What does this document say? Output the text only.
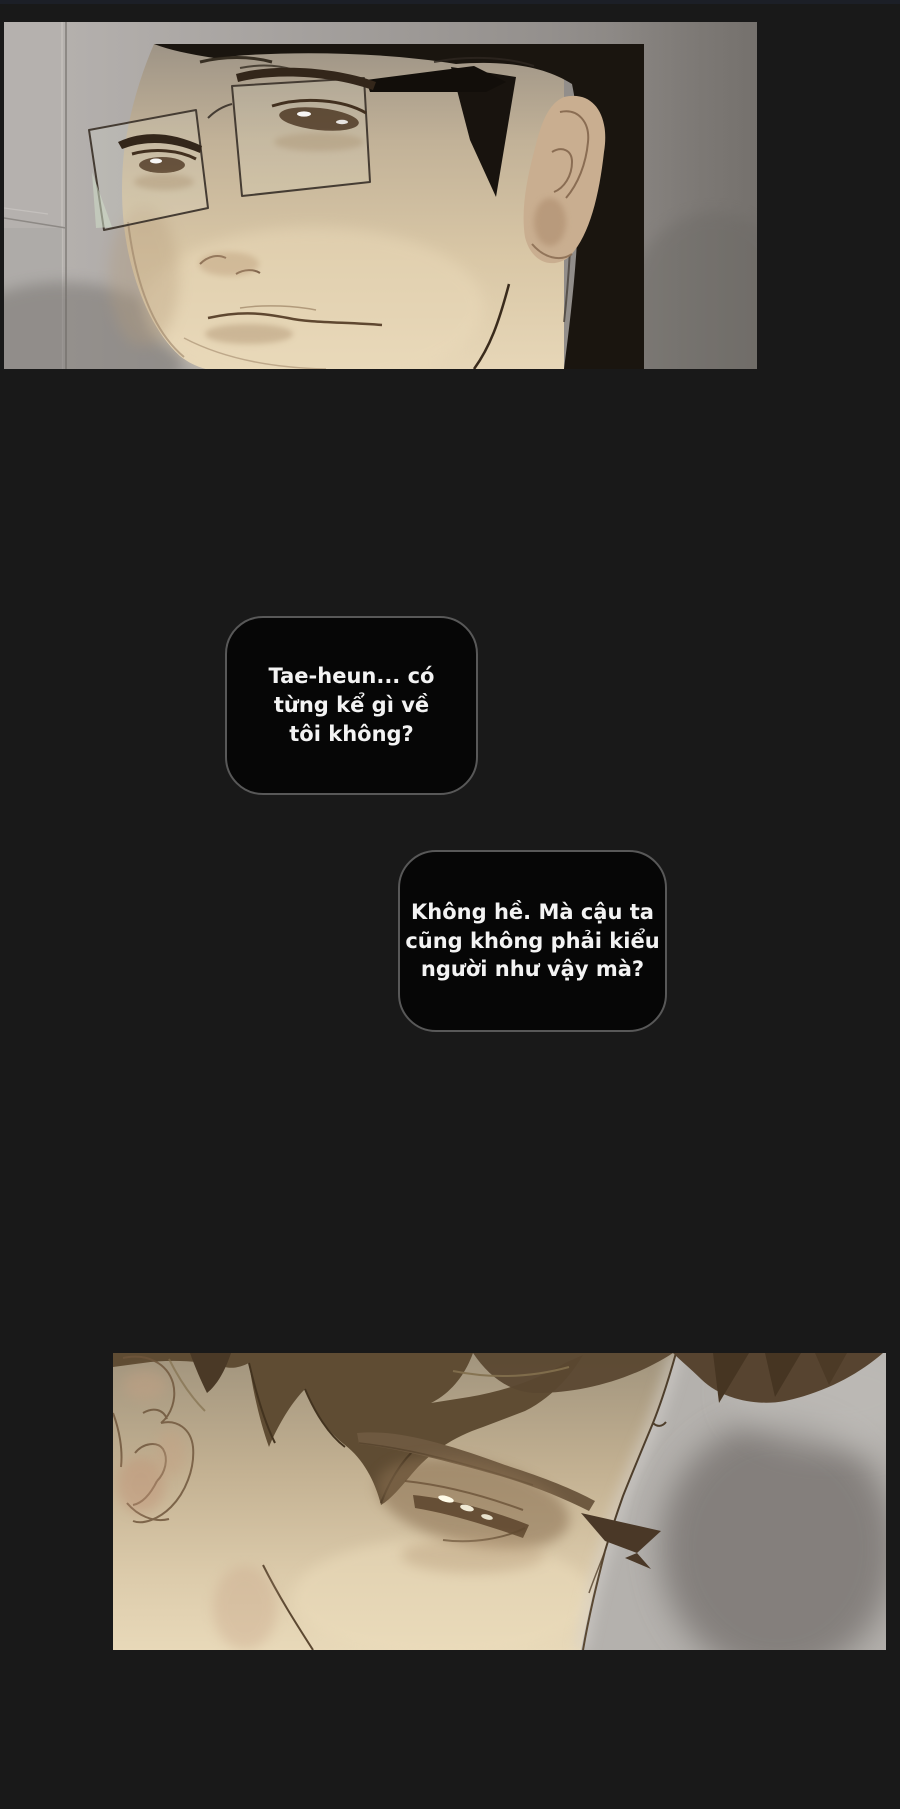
Tae-heun... có
từng kể gì về
tôi không?
Không hề. Mà cậu ta
cũng không phải kiểu
người như vậy mà?
